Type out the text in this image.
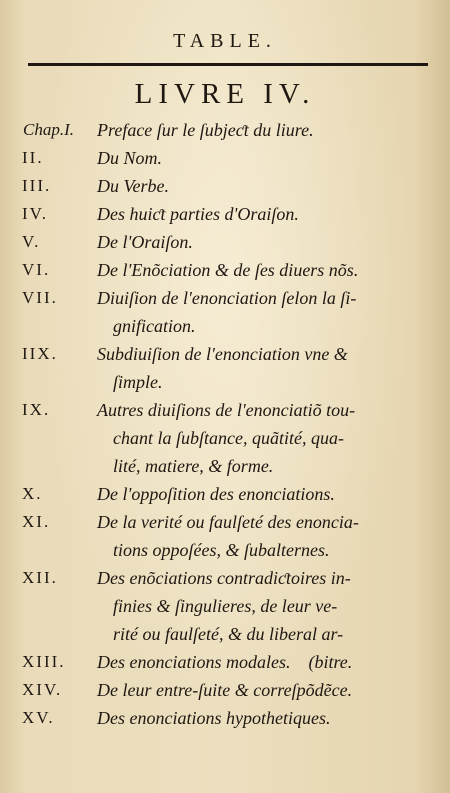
TABLE.
LIVRE IV.
Chap.I. Preface ſur le ſubjeƈt du liure.
II.	Du Nom.
III.	Du Verbe.
IV.	Des huiƈt parties d'Oraiſon.
V.	De l'Oraiſon.
VI.	De l'Enõciation & de ſes diuers nõs.
VII. Diuiſion de l'enonciation ſelon la ſi-
gnification.
IIX. Subdiuiſion de l'enonciation vne &
ſimple.
IX.	Autres diuiſions de l'enonciatiõ tou-
chant la ſubſtance, quãtité, qua-
lité, matiere, & forme.
X.	De l'oppoſition des enonciations.
XI.	De la verité ou faulſeté des enoncia-
tions oppoſées, & ſubalternes.
XII. Des enõciations contradiƈtoires in-
finies & ſingulieres, de leur ve-
rité ou faulſeté, & du liberal ar-
XIII. Des enonciations modales.    (bitre.
XIV. De leur entre-ſuite & correſpõdẽce.
XV. Des enonciations hypothetiques.
